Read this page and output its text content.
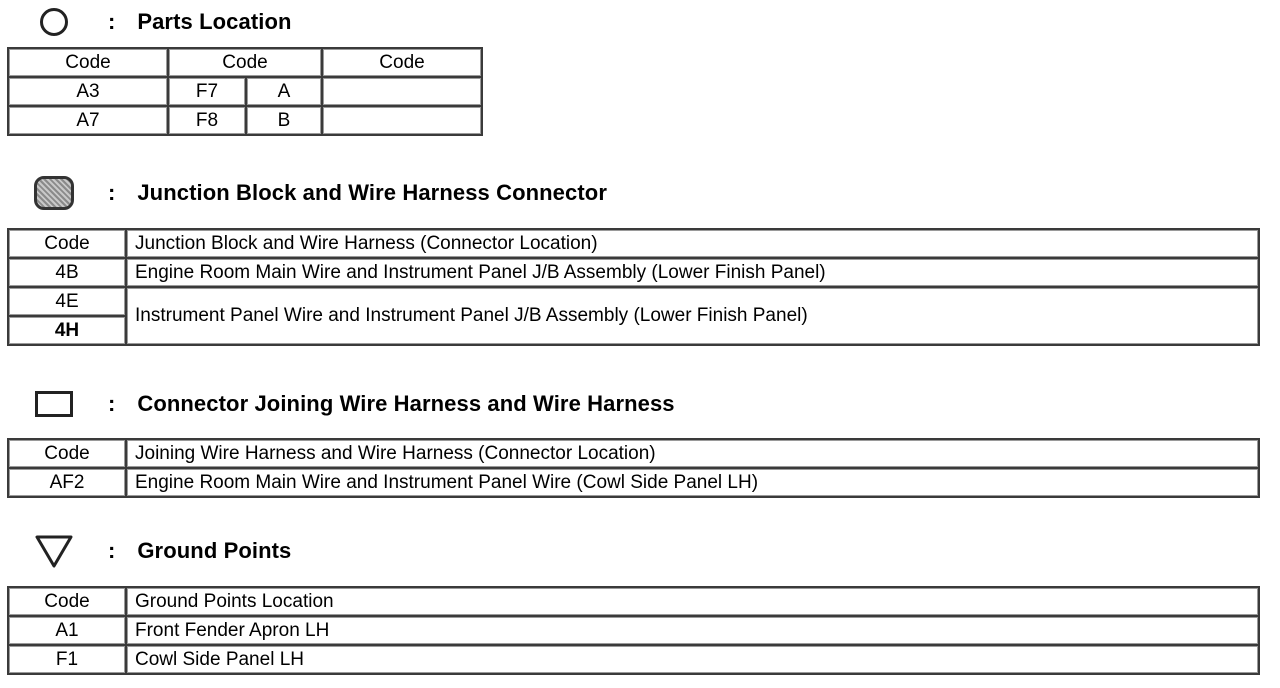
: Parts Location
Code	Code		Code
A3	F7	A	
A7	F8	B	
: Junction Block and Wire Harness Connector
Code	Junction Block and Wire Harness (Connector Location)
4B	Engine Room Main Wire and Instrument Panel J/B Assembly (Lower Finish Panel)
4E	Instrument Panel Wire and Instrument Panel J/B Assembly (Lower Finish Panel)
4H	
: Connector Joining Wire Harness and Wire Harness
Code	Joining Wire Harness and Wire Harness (Connector Location)
AF2	Engine Room Main Wire and Instrument Panel Wire (Cowl Side Panel LH)
: Ground Points
Code	Ground Points Location
A1	Front Fender Apron LH
F1	Cowl Side Panel LH
